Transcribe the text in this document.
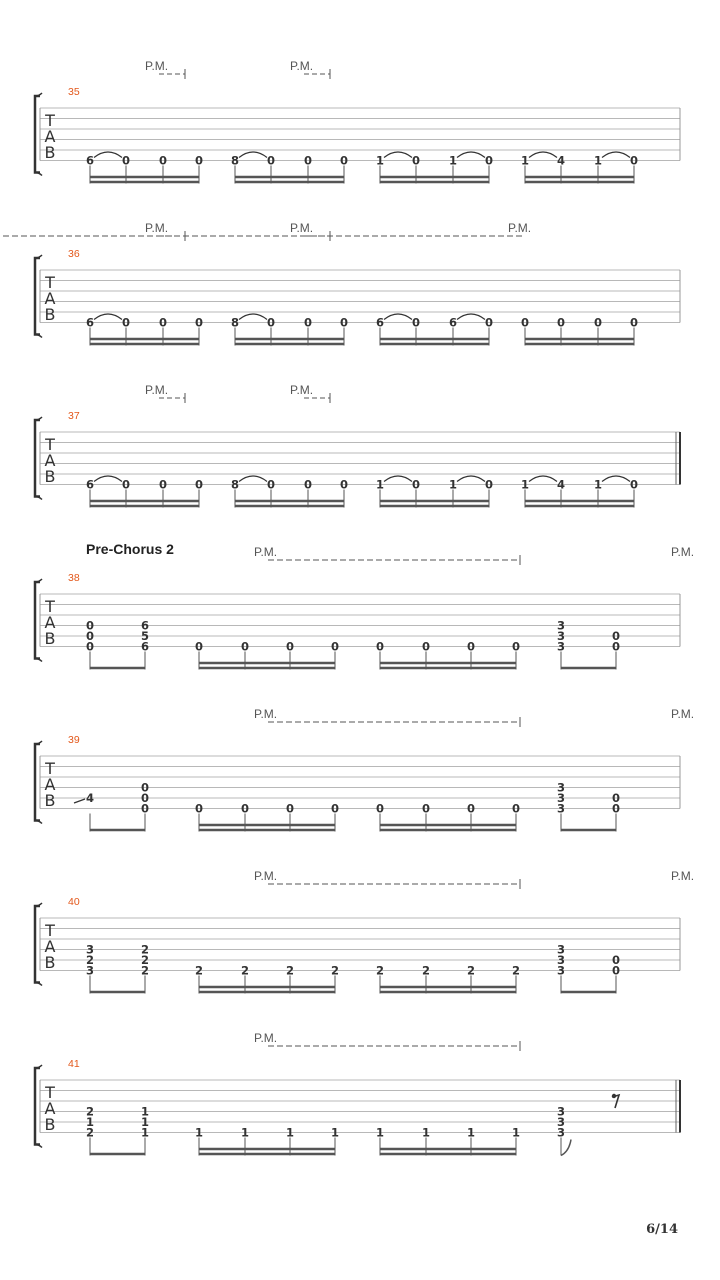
T
A
B
35
P.M.	P.M.
6 0	0 0 8 0	0 0 1 0	1 0 1 4	1 0
T
A
B
36
P.M.	P.M.	P.M.
6 0	0 0 8 0	0 0 6 0	6 0 0 0	0 0
T
A
B
37
P.M.	P.M.
6 0	0 0 8 0	0 0 1 0	1 0 1 4	1 0
T
A
B
38
Pre-Chorus 2	P.M.	P.M.
0
0
0
6
5
6	0	0	0	0	0	0	0	0
3
3
3
0
0
T
A
B
39
P.M.	P.M.
4
0
0
0	0	0	0	0	0	0	0	0
3
3
3
0
0
T
A
B
40
P.M.	P.M.
3
2
3
2
2
2	2	2	2	2	2	2	2	2
3
3
3
0
0
T
A
B
41
P.M.
2
1
2
1
1
1	1	1	1	1	1	1	1	1
3
3
3
6/14
